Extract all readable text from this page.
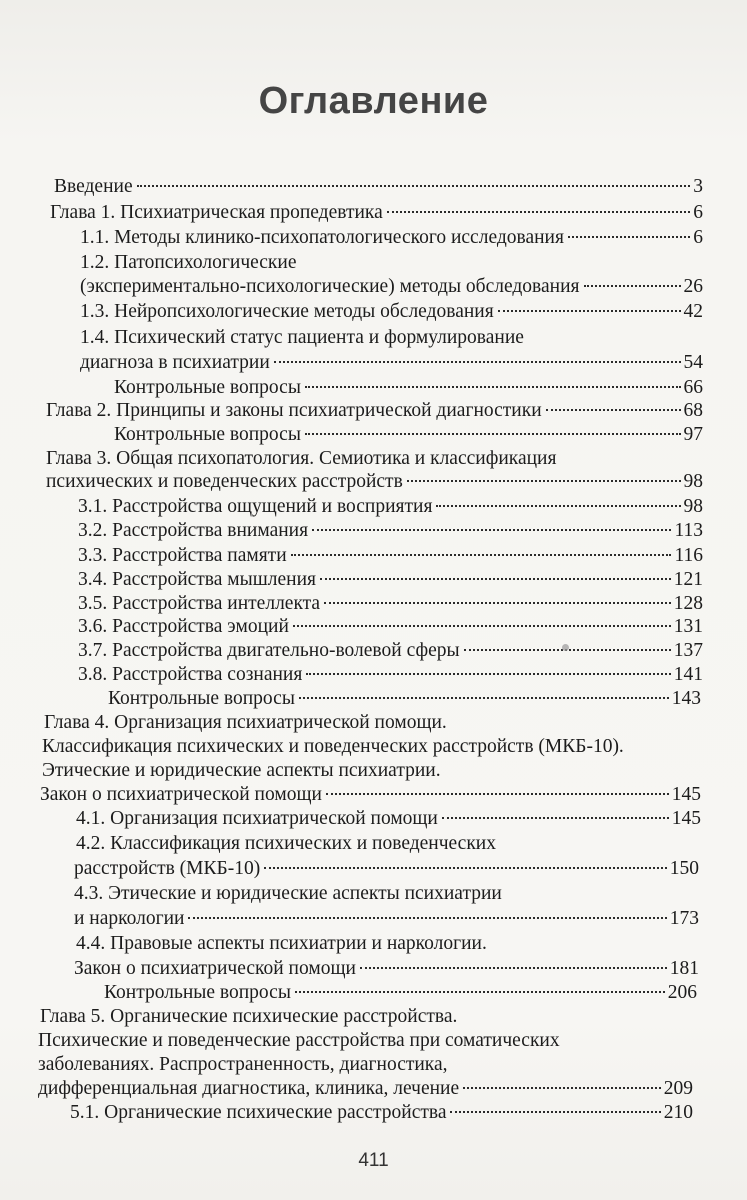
Оглавление
Введение	3
Глава 1. Психиатрическая пропедевтика	6
1.1. Методы клинико-психопатологического исследования	6
1.2. Патопсихологические
(экспериментально-психологические) методы обследования	26
1.3. Нейропсихологические методы обследования	42
1.4. Психический статус пациента и формулирование
диагноза в психиатрии	54
Контрольные вопросы	66
Глава 2. Принципы и законы психиатрической диагностики	68
Контрольные вопросы	97
Глава 3. Общая психопатология. Семиотика и классификация
психических и поведенческих расстройств	98
3.1. Расстройства ощущений и восприятия	98
3.2. Расстройства внимания	113
3.3. Расстройства памяти	116
3.4. Расстройства мышления	121
3.5. Расстройства интеллекта	128
3.6. Расстройства эмоций	131
3.7. Расстройства двигательно-волевой сферы	137
3.8. Расстройства сознания	141
Контрольные вопросы	143
Глава 4. Организация психиатрической помощи.
Классификация психических и поведенческих расстройств (МКБ-10).
Этические и юридические аспекты психиатрии.
Закон о психиатрической помощи	145
4.1. Организация психиатрической помощи	145
4.2. Классификация психических и поведенческих
расстройств (МКБ-10)	150
4.3. Этические и юридические аспекты психиатрии
и наркологии	173
4.4. Правовые аспекты психиатрии и наркологии.
Закон о психиатрической помощи	181
Контрольные вопросы	206
Глава 5. Органические психические расстройства.
Психические и поведенческие расстройства при соматических
заболеваниях. Распространенность, диагностика,
дифференциальная диагностика, клиника, лечение	209
5.1. Органические психические расстройства	210
411
